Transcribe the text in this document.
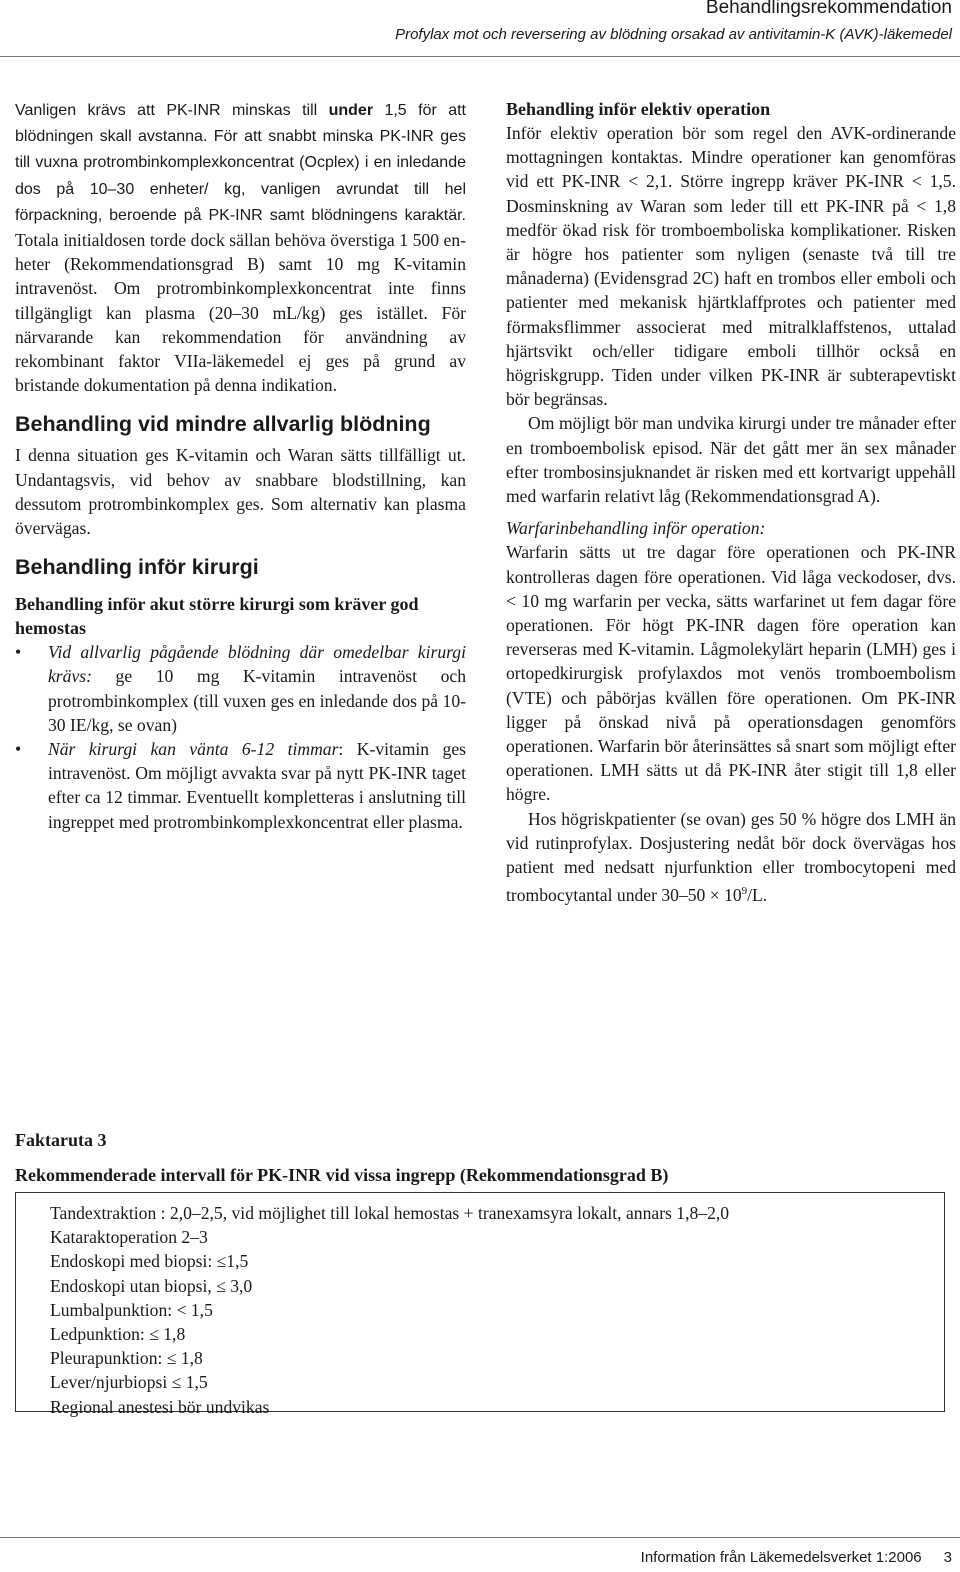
Behandlingsrekommendation
Profylax mot och reversering av blödning orsakad av antivitamin-K (AVK)-läkemedel

Vanligen krävs att PK-INR minskas till under 1,5 för att blödningen skall avstanna. För att snabbt minska PK-INR ges till vuxna protrombinkomplexkoncentrat (Ocplex) i en inledande dos på 10–30 enheter/ kg, vanligen avrundat till hel förpackning, beroende på PK-INR samt blödningens karaktär. Totala initialdosen torde dock sällan behöva överstiga 1 500 enheter (Rekommendationsgrad B) samt 10 mg K-vitamin intravenöst. Om protrombinkomplexkoncentrat inte finns tillgängligt kan plasma (20–30 mL/kg) ges istället. För närvarande kan rekommendation för användning av rekombinant faktor VIIa-läkemedel ej ges på grund av bristande dokumentation på denna indikation.

Behandling vid mindre allvarlig blödning

I denna situation ges K-vitamin och Waran sätts tillfälligt ut. Undantagsvis, vid behov av snabbare blodstillning, kan dessutom protrombinkomplex ges. Som alternativ kan plasma övervägas.

Behandling inför kirurgi
Behandling inför akut större kirurgi som kräver god hemostas
• Vid allvarlig pågående blödning där omedelbar kirurgi krävs: ge 10 mg K-vitamin intravenöst och protrombinkomplex (till vuxen ges en inledande dos på 10-30 IE/kg, se ovan)
• När kirurgi kan vänta 6-12 timmar: K-vitamin ges intravenöst. Om möjligt avvakta svar på nytt PK-INR taget efter ca 12 timmar. Eventuellt kompletteras i anslutning till ingreppet med protrombinkomplexkoncentrat eller plasma.
Behandling inför elektiv operation

Inför elektiv operation bör som regel den AVK-ordinerande mottagningen kontaktas. Mindre operationer kan genomföras vid ett PK-INR < 2,1. Större ingrepp kräver PK-INR < 1,5. Dosminskning av Waran som leder till ett PK-INR på < 1,8 medför ökad risk för tromboemboliska komplikationer. Risken är högre hos patienter som nyligen (senaste två till tre månaderna) (Evidensgrad 2C) haft en trombos eller emboli och patienter med mekanisk hjärtklaffprotes och patienter med förmaksflimmer associerat med mitralklaffstenos, uttalad hjärtsvikt och/eller tidigare emboli tillhör också en högriskgrupp. Tiden under vilken PK-INR är subterapevtiskt bör begränsas.

Om möjligt bör man undvika kirurgi under tre månader efter en tromboembolisk episod. När det gått mer än sex månader efter trombosinsjuknandet är risken med ett kortvarigt uppehåll med warfarin relativt låg (Rekommendationsgrad A).

Warfarinbehandling inför operation:

Warfarin sätts ut tre dagar före operationen och PK-INR kontrolleras dagen före operationen. Vid låga veckodoser, dvs. < 10 mg warfarin per vecka, sätts warfarinet ut fem dagar före operationen. För högt PK-INR dagen före operation kan reverseras med K-vitamin. Lågmolekylärt heparin (LMH) ges i ortopedkirurgisk profylaxdos mot venös tromboembolism (VTE) och påbörjas kvällen före operationen. Om PK-INR ligger på önskad nivå på operationsdagen genomförs operationen. Warfarin bör återinsättes så snart som möjligt efter operationen. LMH sätts ut då PK-INR åter stigit till 1,8 eller högre.

Hos högriskpatienter (se ovan) ges 50 % högre dos LMH än vid rutinprofylax. Dosjustering nedåt bör dock övervägas hos patient med nedsatt njurfunktion eller trombocytopeni med trombocytantal under $30-50 \times 10^9/L$.

Faktaruta 3
Rekommenderade intervall för PK-INR vid vissa ingrepp (Rekommendationsgrad B)
Tandextraktion : 2,0–2,5, vid möjlighet till lokal hemostas + tranexamsyra lokalt, annars 1,8–2,0
Kataraktoperation 2–3
Endoskopi med biopsi: ≤1,5
Endoskopi utan biopsi, ≤ 3,0
Lumbalpunktion: < 1,5
Ledpunktion: ≤ 1,8
Pleurapunktion: ≤ 1,8
Lever/njurbiopsi ≤ 1,5
Regional anestesi bör undvikas
Information från Läkemedelsverket 1:2006 3
